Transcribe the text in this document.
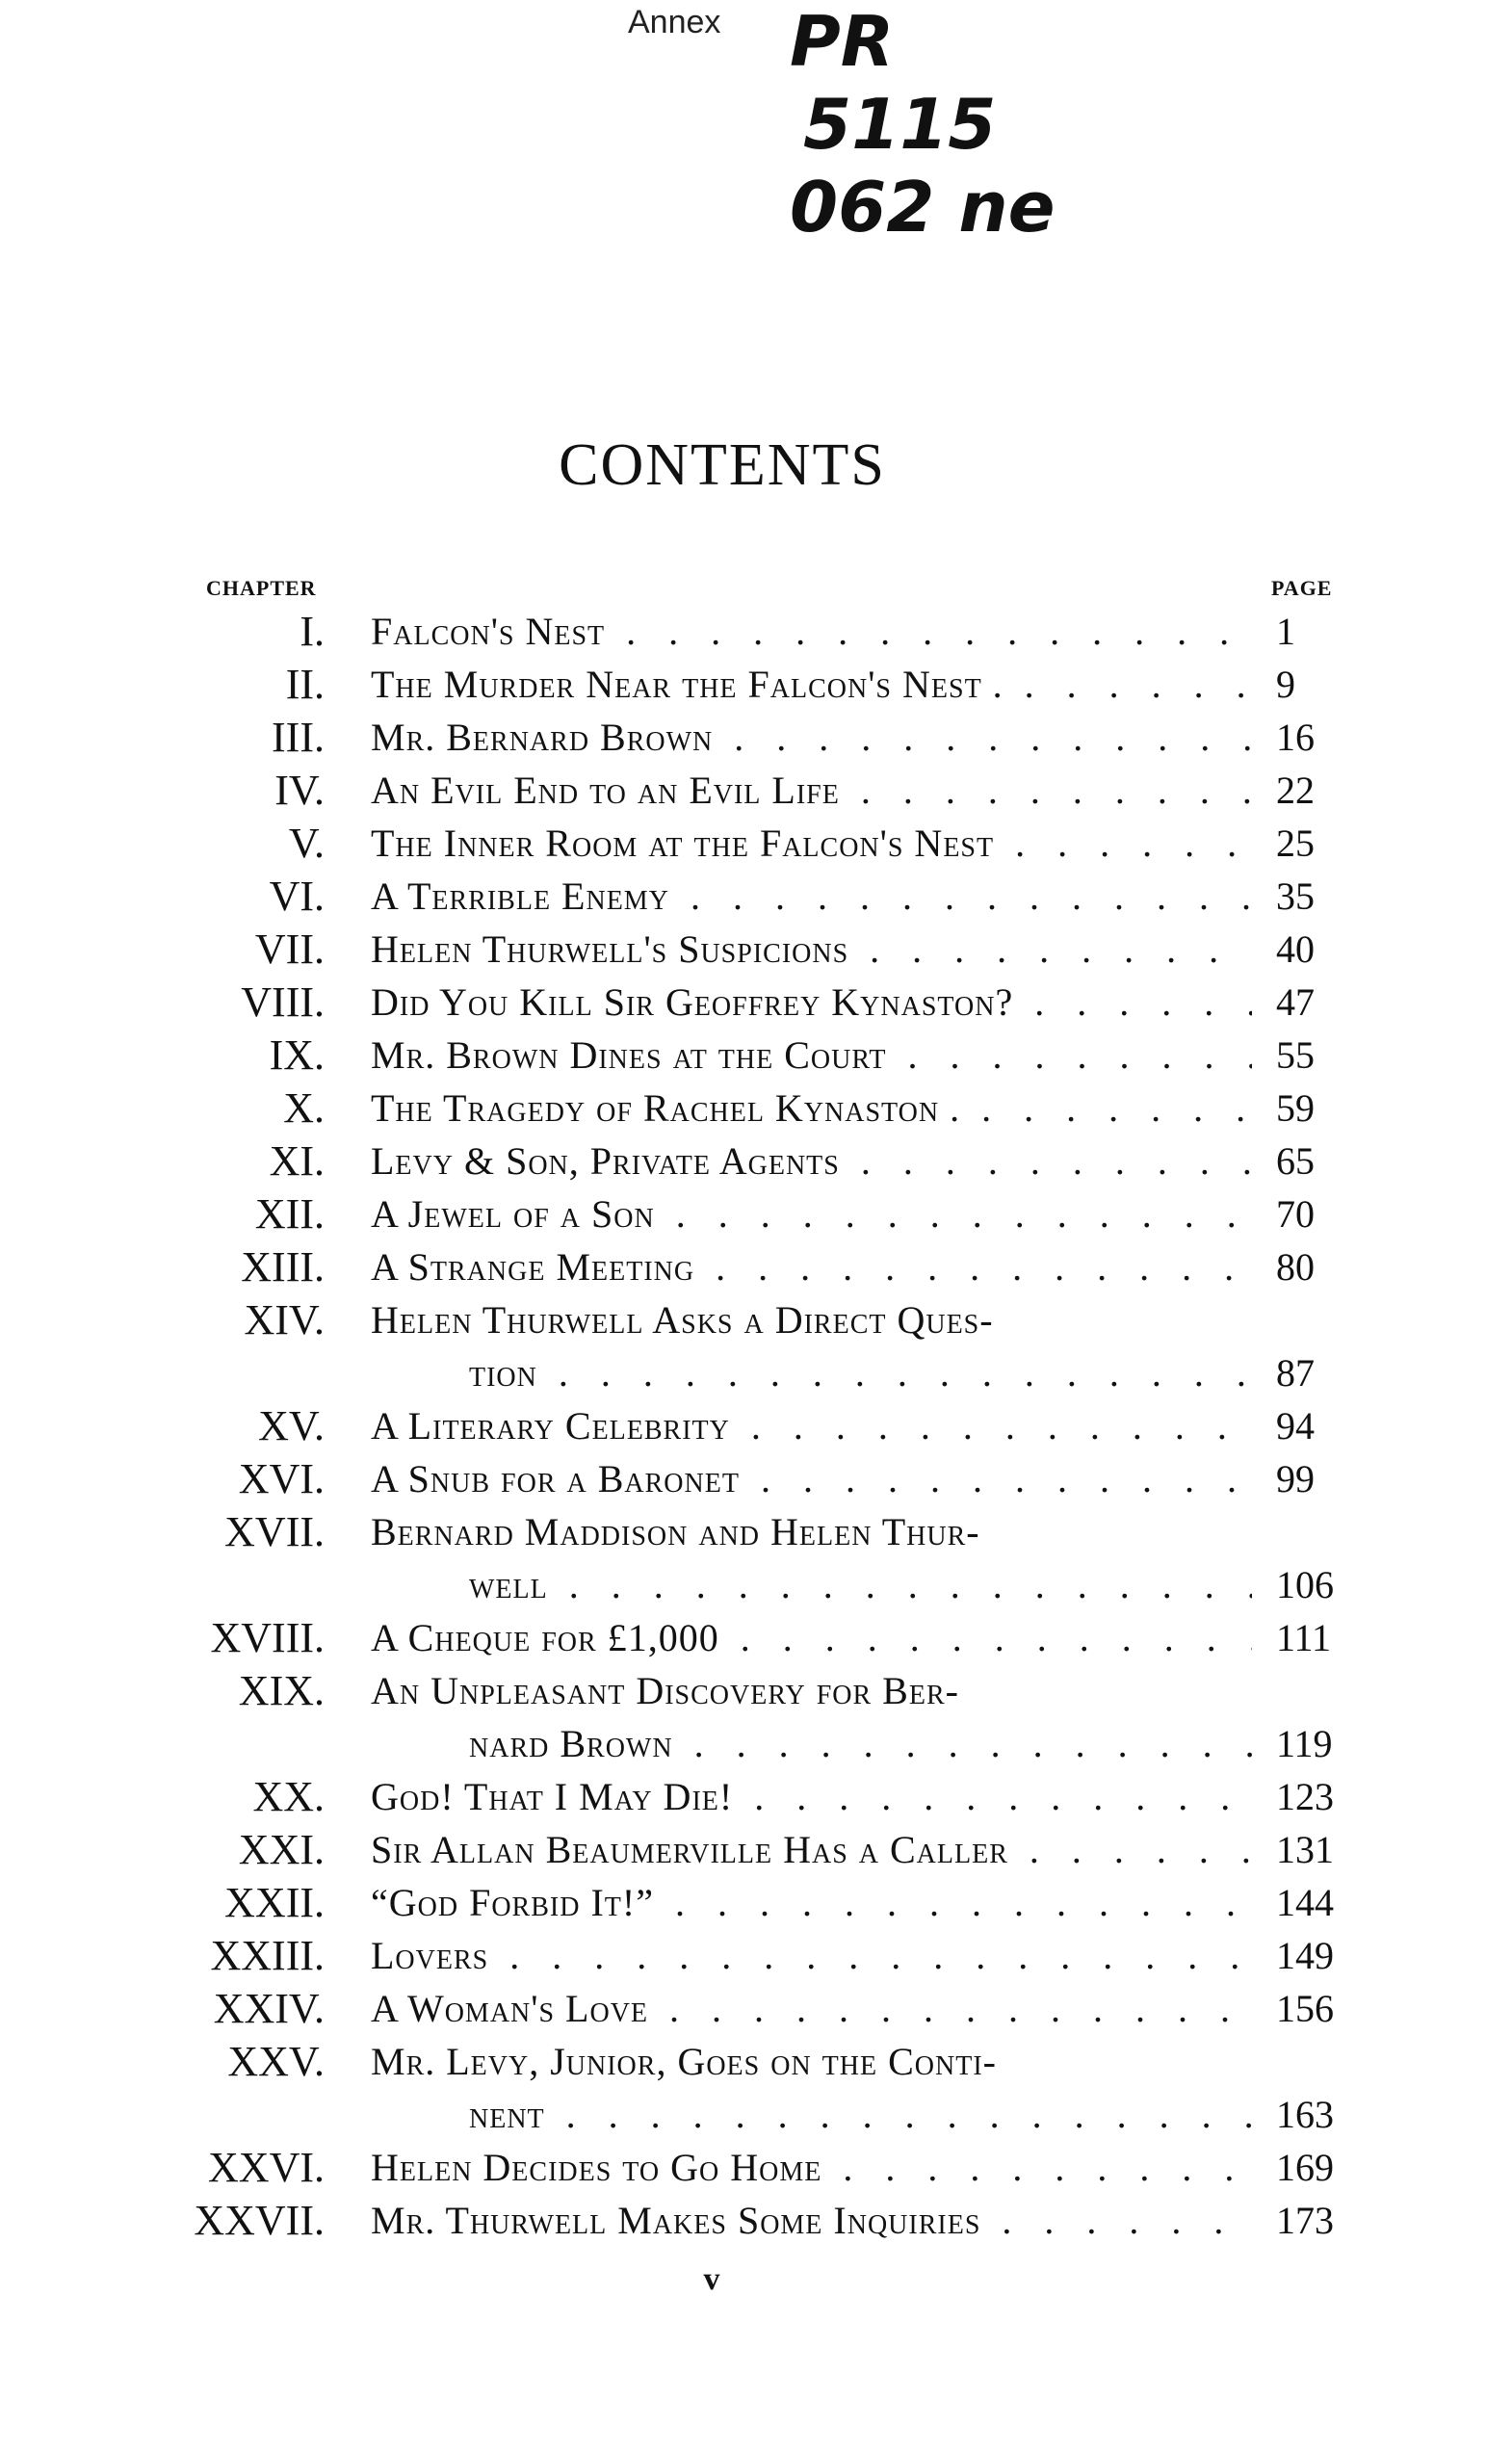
Annex PR
5115
062 ne
CONTENTS
CHAPTER	PAGE
I. Falcon's Nest . . .	1
II. The Murder Near the Falcon's Nest . . . .	9
III. Mr. Bernard Brown . . .	16
IV. An Evil End to an Evil Life . . .	22
V. The Inner Room at the Falcon's Nest . . .	25
VI. A Terrible Enemy . . .	35
VII. Helen Thurwell's Suspicions . . .	40
VIII. Did You Kill Sir Geoffrey Kynaston? . . .	47
IX. Mr. Brown Dines at the Court . . .	55
X. The Tragedy of Rachel Kynaston . . . .	59
XI. Levy & Son, Private Agents . . .	65
XII. A Jewel of a Son . . .	70
XIII. A Strange Meeting . . .	80
XIV. Helen Thurwell Asks a Direct Ques-
tion . . .	87
XV. A Literary Celebrity . . .	94
XVI. A Snub for a Baronet . . .	99
XVII. Bernard Maddison and Helen Thur-
well . . .	106
XVIII. A Cheque for £1,000 . . .	111
XIX. An Unpleasant Discovery for Ber-
nard Brown . . .	119
XX. God! That I May Die! . . .	123
XXI. Sir Allan Beaumerville Has a Caller . . .	131
XXII. “God Forbid It!” . . .	144
XXIII. Lovers . . .	149
XXIV. A Woman's Love . . .	156
XXV. Mr. Levy, Junior, Goes on the Conti-
nent . . .	163
XXVI. Helen Decides to Go Home . . .	169
XXVII. Mr. Thurwell Makes Some Inquiries . . .	173
v
